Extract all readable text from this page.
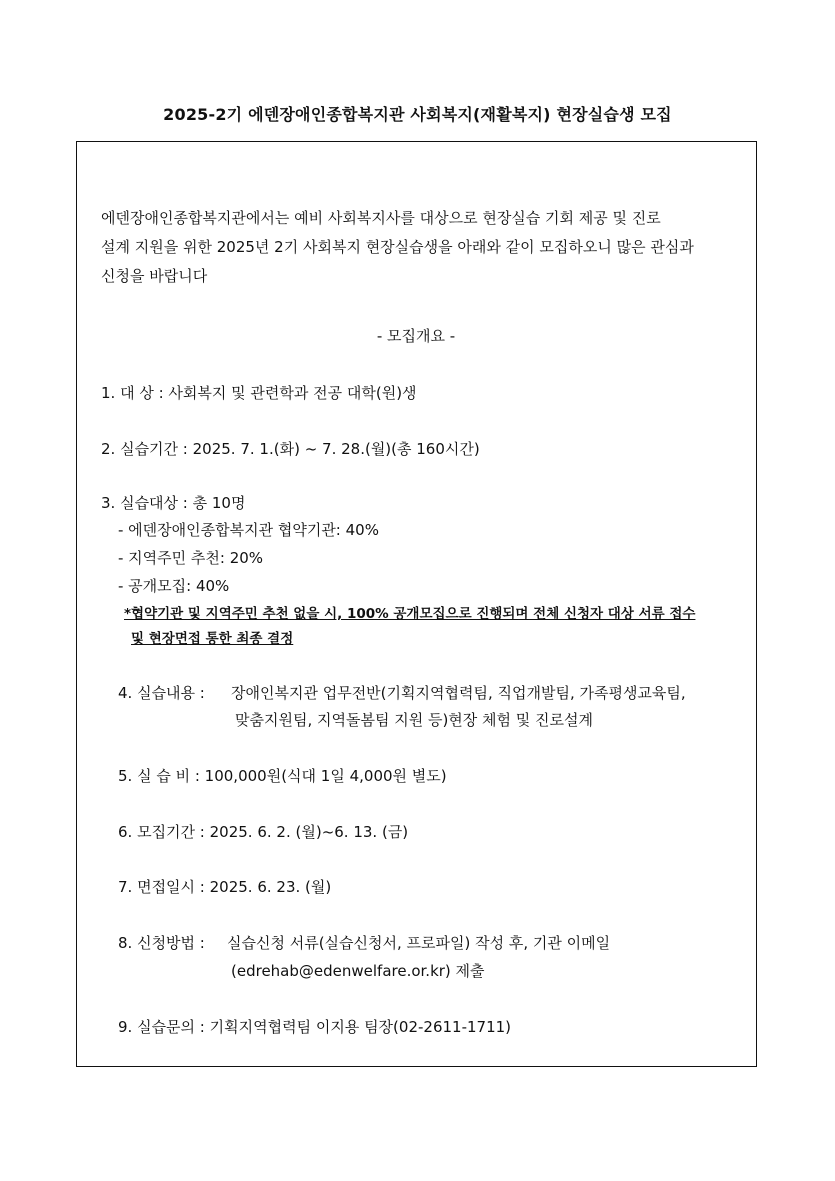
2025-2기 에덴장애인종합복지관 사회복지(재활복지) 현장실습생 모집
에덴장애인종합복지관에서는 예비 사회복지사를 대상으로 현장실습 기회 제공 및 진로
설계 지원을 위한 2025년 2기 사회복지 현장실습생을 아래와 같이 모집하오니 많은 관심과
신청을 바랍니다
- 모집개요 -
1. 대 상 : 사회복지 및 관련학과 전공 대학(원)생
2. 실습기간 : 2025. 7. 1.(화) ~ 7. 28.(월)(총 160시간)
3. 실습대상 : 총 10명
- 에덴장애인종합복지관 협약기관: 40%
- 지역주민 추천: 20%
- 공개모집: 40%
*협약기관 및 지역주민 추천 없을 시, 100% 공개모집으로 진행되며 전체 신청자 대상 서류 접수
및 현장면접 통한 최종 결정
4. 실습내용 : 장애인복지관 업무전반(기획지역협력팀, 직업개발팀, 가족평생교육팀,
맞춤지원팀, 지역돌봄팀 지원 등)현장 체험 및 진로설계
5. 실 습 비 : 100,000원(식대 1일 4,000원 별도)
6. 모집기간 : 2025. 6. 2. (월)~6. 13. (금)
7. 면접일시 : 2025. 6. 23. (월)
8. 신청방법 : 실습신청 서류(실습신청서, 프로파일) 작성 후, 기관 이메일
(edrehab@edenwelfare.or.kr) 제출
9. 실습문의 : 기획지역협력팀 이지용 팀장(02-2611-1711)
